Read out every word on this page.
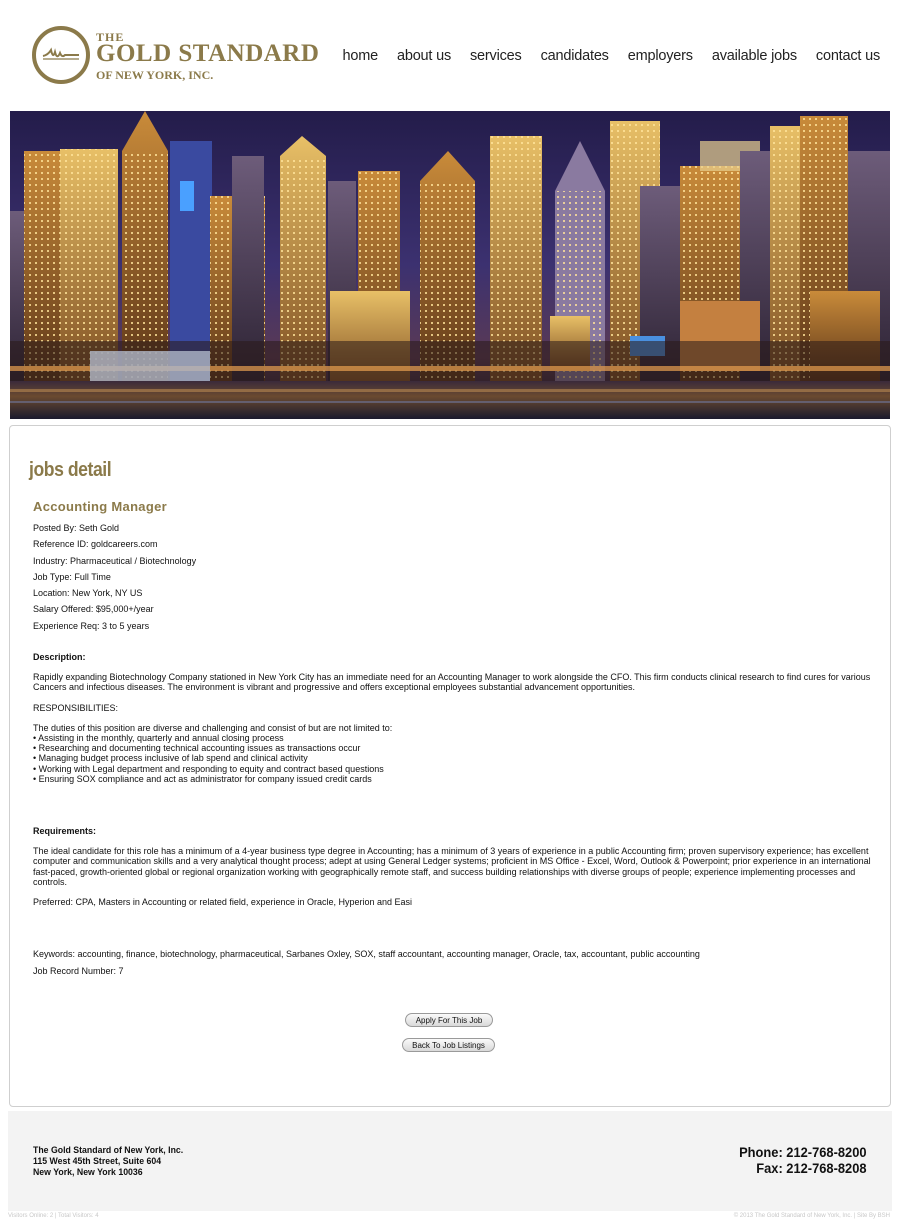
THE
GOLD STANDARD
OF NEW YORK, INC.
home about us services candidates employers available jobs contact us
jobs detail
Accounting Manager
Posted By: Seth Gold
Reference ID: goldcareers.com
Industry: Pharmaceutical / Biotechnology
Job Type: Full Time
Location: New York, NY US
Salary Offered: $95,000+/year
Experience Req: 3 to 5 years
Description:
Rapidly expanding Biotechnology Company stationed in New York City has an immediate need for an Accounting Manager to work alongside the CFO. This firm conducts clinical research to find cures for various Cancers and infectious diseases. The environment is vibrant and progressive and offers exceptional employees substantial advancement opportunities.
RESPONSIBILITIES:
The duties of this position are diverse and challenging and consist of but are not limited to:
• Assisting in the monthly, quarterly and annual closing process
• Researching and documenting technical accounting issues as transactions occur
• Managing budget process inclusive of lab spend and clinical activity
• Working with Legal department and responding to equity and contract based questions
• Ensuring SOX compliance and act as administrator for company issued credit cards
Requirements:
The ideal candidate for this role has a minimum of a 4-year business type degree in Accounting; has a minimum of 3 years of experience in a public Accounting firm; proven supervisory experience; has excellent computer and communication skills and a very analytical thought process; adept at using General Ledger systems; proficient in MS Office - Excel, Word, Outlook & Powerpoint; prior experience in an international fast-paced, growth-oriented global or regional organization working with geographically remote staff, and success building relationships with diverse groups of people; experience implementing processes and controls.
Preferred: CPA, Masters in Accounting or related field, experience in Oracle, Hyperion and Easi
Keywords: accounting, finance, biotechnology, pharmaceutical, Sarbanes Oxley, SOX, staff accountant, accounting manager, Oracle, tax, accountant, public accounting
Job Record Number: 7
Apply For This Job
Back To Job Listings
The Gold Standard of New York, Inc.
115 West 45th Street, Suite 604
New York, New York 10036
Phone: 212-768-8200
Fax: 212-768-8208
Visitors Online: 2 | Total Visitors: 4	© 2013 The Gold Standard of New York, Inc. | Site By BSH
